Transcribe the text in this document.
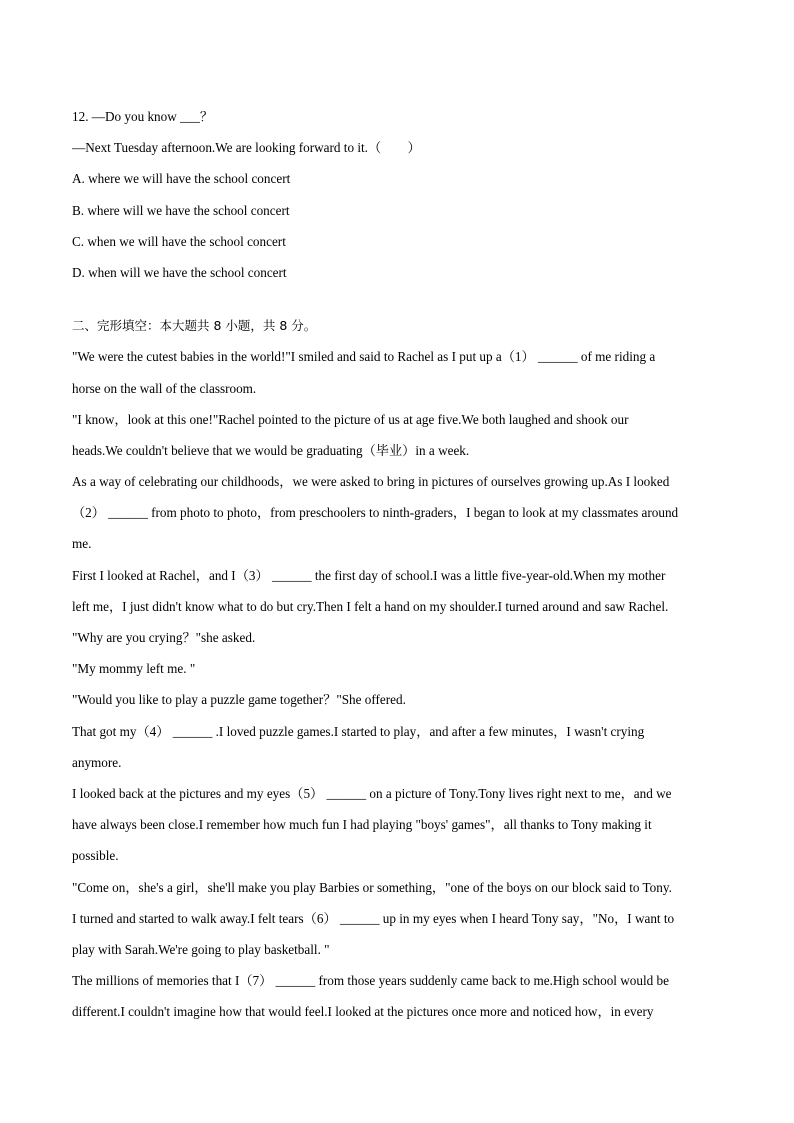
12. —Do you know ___？
—Next Tuesday afternoon.We are looking forward to it.（　　）
A. where we will have the school concert
B. where will we have the school concert
C. when we will have the school concert
D. when will we have the school concert
二、完形填空：本大题共 8 小题，共 8 分。
"We were the cutest babies in the world!"I smiled and said to Rachel as I put up a（1） ______ of me riding a
horse on the wall of the classroom.
"I know，look at this one!"Rachel pointed to the picture of us at age five.We both laughed and shook our
heads.We couldn't believe that we would be graduating（毕业）in a week.
As a way of celebrating our childhoods，we were asked to bring in pictures of ourselves growing up.As I looked
（2） ______ from photo to photo，from preschoolers to ninth-graders，I began to look at my classmates around
me.
First I looked at Rachel，and I（3） ______ the first day of school.I was a little five-year-old.When my mother
left me，I just didn't know what to do but cry.Then I felt a hand on my shoulder.I turned around and saw Rachel.
"Why are you crying？"she asked.
"My mommy left me. "
"Would you like to play a puzzle game together？"She offered.
That got my（4） ______ .I loved puzzle games.I started to play，and after a few minutes，I wasn't crying
anymore.
I looked back at the pictures and my eyes（5） ______ on a picture of Tony.Tony lives right next to me，and we
have always been close.I remember how much fun I had playing "boys' games"，all thanks to Tony making it
possible.
"Come on，she's a girl，she'll make you play Barbies or something，"one of the boys on our block said to Tony.
I turned and started to walk away.I felt tears（6） ______ up in my eyes when I heard Tony say，"No，I want to
play with Sarah.We're going to play basketball. "
The millions of memories that I（7） ______ from those years suddenly came back to me.High school would be
different.I couldn't imagine how that would feel.I looked at the pictures once more and noticed how，in every
